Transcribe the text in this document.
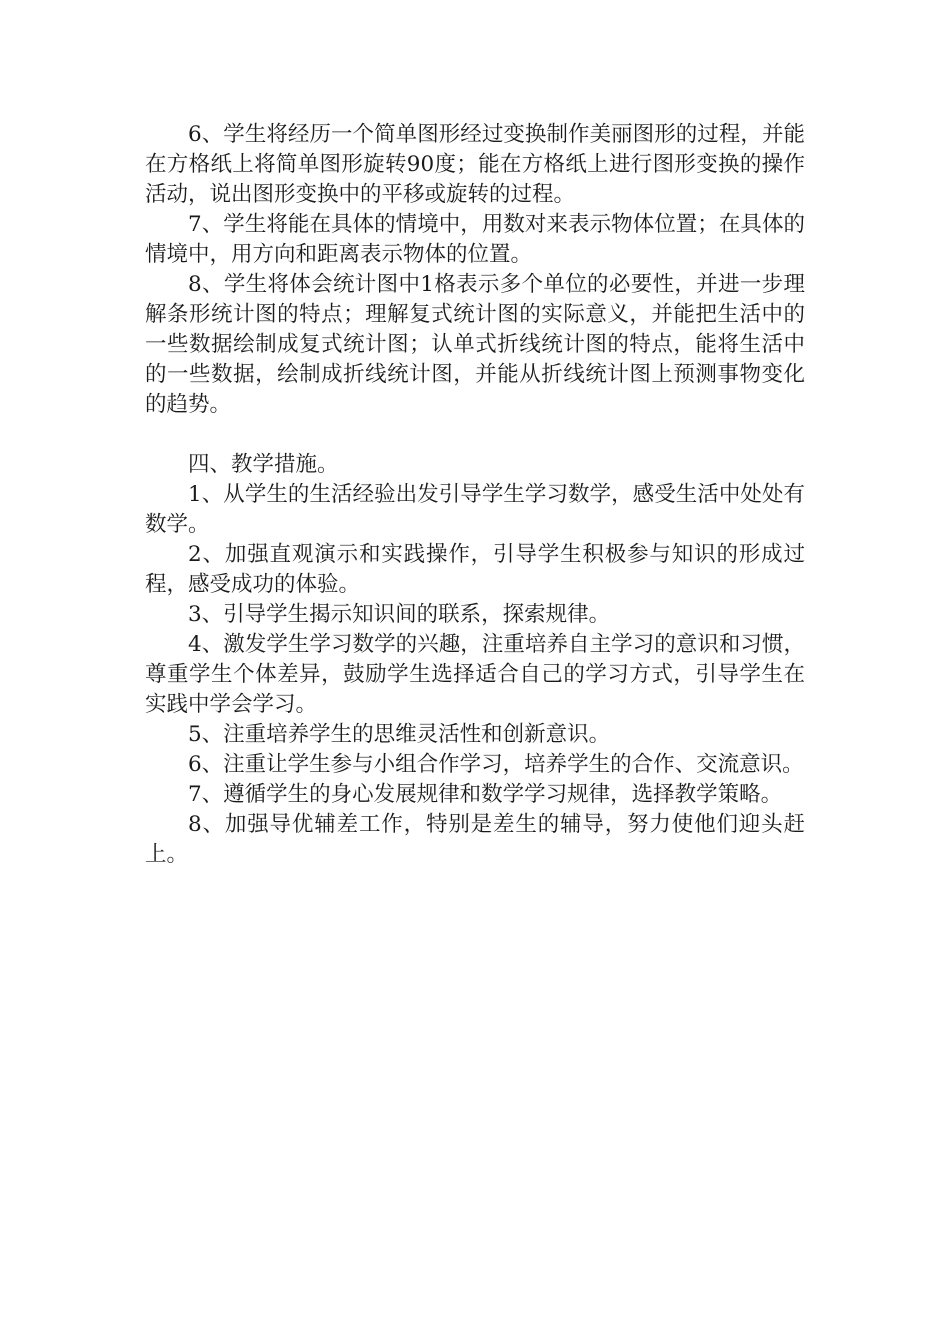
6、学生将经历一个简单图形经过变换制作美丽图形的过程，并能在方格纸上将简单图形旋转90度；能在方格纸上进行图形变换的操作活动，说出图形变换中的平移或旋转的过程。

7、学生将能在具体的情境中，用数对来表示物体位置；在具体的情境中，用方向和距离表示物体的位置。

8、学生将体会统计图中1格表示多个单位的必要性，并进一步理解条形统计图的特点；理解复式统计图的实际意义，并能把生活中的一些数据绘制成复式统计图；认单式折线统计图的特点，能将生活中的一些数据，绘制成折线统计图，并能从折线统计图上预测事物变化的趋势。

四、教学措施。

1、从学生的生活经验出发引导学生学习数学，感受生活中处处有数学。

2、加强直观演示和实践操作，引导学生积极参与知识的形成过程，感受成功的体验。

3、引导学生揭示知识间的联系，探索规律。

4、激发学生学习数学的兴趣，注重培养自主学习的意识和习惯，尊重学生个体差异，鼓励学生选择适合自己的学习方式，引导学生在实践中学会学习。

5、注重培养学生的思维灵活性和创新意识。

6、注重让学生参与小组合作学习，培养学生的合作、交流意识。

7、遵循学生的身心发展规律和数学学习规律，选择教学策略。

8、加强导优辅差工作，特别是差生的辅导，努力使他们迎头赶上。
